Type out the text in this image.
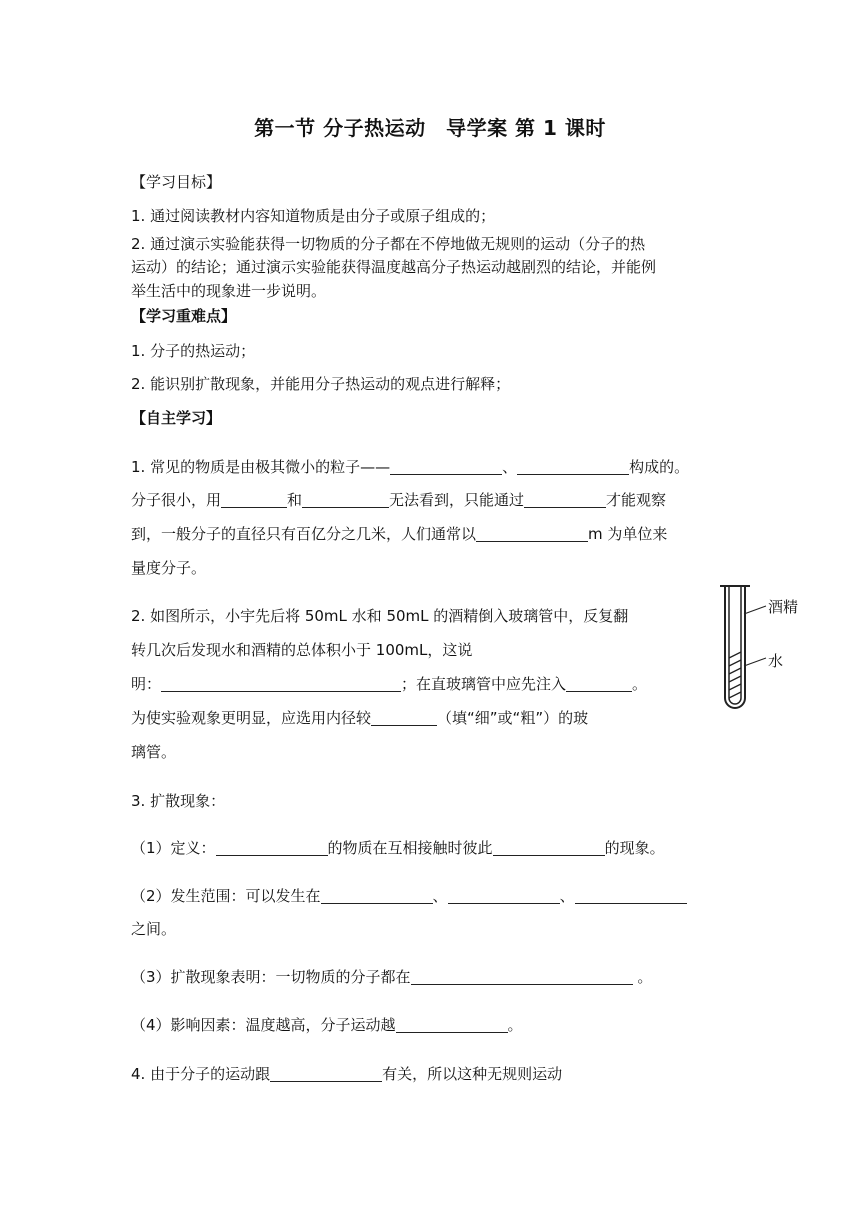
第一节 分子热运动　导学案 第 1 课时
【学习目标】
1. 通过阅读教材内容知道物质是由分子或原子组成的；
2. 通过演示实验能获得一切物质的分子都在不停地做无规则的运动（分子的热
运动）的结论；通过演示实验能获得温度越高分子热运动越剧烈的结论，并能例
举生活中的现象进一步说明。
【学习重难点】
1. 分子的热运动；
2. 能识别扩散现象，并能用分子热运动的观点进行解释；
【自主学习】
1. 常见的物质是由极其微小的粒子——	、	构成的。
分子很小，用	和	无法看到，只能通过	才能观察
到，一般分子的直径只有百亿分之几米，人们通常以	m 为单位来
量度分子。
2. 如图所示，小宇先后将 50mL 水和 50mL 的酒精倒入玻璃管中，反复翻
转几次后发现水和酒精的总体积小于 100mL，这说
明：	；在直玻璃管中应先注入	。
为使实验观象更明显，应选用内径较	（填“细”或“粗”）的玻
璃管。
酒精
水
3. 扩散现象：
（1）定义：	的物质在互相接触时彼此	的现象。
（2）发生范围：可以发生在	、	、
之间。
（3）扩散现象表明：一切物质的分子都在	。
（4）影响因素：温度越高，分子运动越	。
4. 由于分子的运动跟	有关，所以这种无规则运动
